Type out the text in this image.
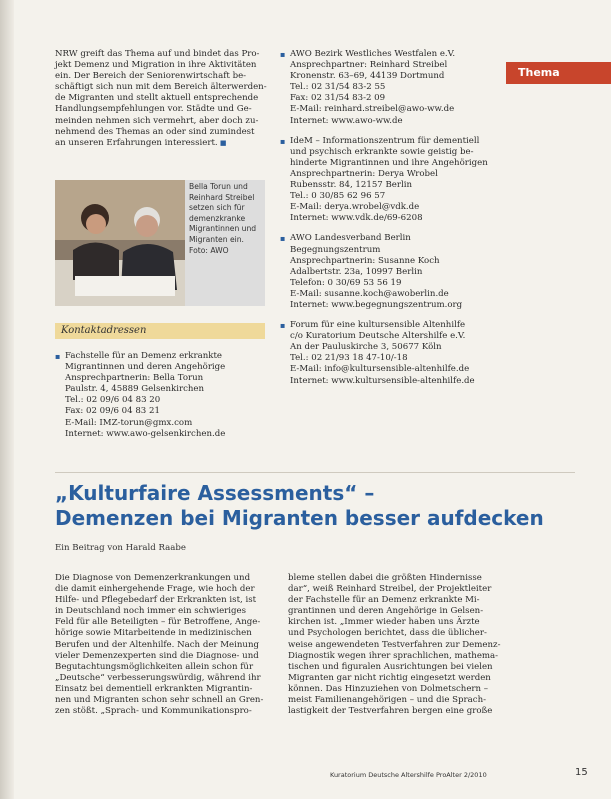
Thema

NRW greift das Thema auf und bindet das Pro-

jekt Demenz und Migration in ihre Aktivitäten

ein. Der Bereich der Seniorenwirtschaft be-

schäftigt sich nun mit dem Bereich älterwerden-

de Migranten und stellt aktuell entsprechende

Handlungsempfehlungen vor. Städte und Ge-

meinden nehmen sich vermehrt, aber doch zu-

nehmend des Themas an oder sind zumindest

an unseren Erfahrungen interessiert. ■

Bella Torun und Reinhard Streibel setzen sich für demenzkranke Migrantinnen und Migranten ein. Foto: AWO
Kontaktadressen

▪ Fachstelle für an Demenz erkrankte

Migrantinnen und deren Angehörige

Ansprechpartnerin: Bella Torun

Paulstr. 4, 45889 Gelsenkirchen

Tel.: 02 09/6 04 83 20

Fax: 02 09/6 04 83 21

E-Mail: IMZ-torun@gmx.com

Internet: www.awo-gelsenkirchen.de

▪ AWO Bezirk Westliches Westfalen e.V.

Ansprechpartner: Reinhard Streibel

Kronenstr. 63–69, 44139 Dortmund

Tel.: 02 31/54 83-2 55

Fax: 02 31/54 83-2 09

E-Mail: reinhard.streibel@awo-ww.de

Internet: www.awo-ww.de

▪ IdeM – Informationszentrum für dementiell

und psychisch erkrankte sowie geistig be-

hinderte Migrantinnen und ihre Angehörigen

Ansprechpartnerin: Derya Wrobel

Rubensstr. 84, 12157 Berlin

Tel.: 0 30/85 62 96 57

E-Mail: derya.wrobel@vdk.de

Internet: www.vdk.de/69-6208

▪ AWO Landesverband Berlin

Begegnungszentrum

Ansprechpartnerin: Susanne Koch

Adalbertstr. 23a, 10997 Berlin

Telefon: 0 30/69 53 56 19

E-Mail: susanne.koch@awoberlin.de

Internet: www.begegnungszentrum.org

▪ Forum für eine kultursensible Altenhilfe

c/o Kuratorium Deutsche Altershilfe e.V.

An der Pauluskirche 3, 50677 Köln

Tel.: 02 21/93 18 47-10/-18

E-Mail: info@kultursensible-altenhilfe.de

Internet: www.kultursensible-altenhilfe.de

„Kulturfaire Assessments“ –
Demenzen bei Migranten besser aufdecken
Ein Beitrag von Harald Raabe

Die Diagnose von Demenzerkrankungen und

die damit einhergehende Frage, wie hoch der

Hilfe- und Pflegebedarf der Erkrankten ist, ist

in Deutschland noch immer ein schwieriges

Feld für alle Beteiligten – für Betroffene, Ange-

hörige sowie Mitarbeitende in medizinischen

Berufen und der Altenhilfe. Nach der Meinung

vieler Demenzexperten sind die Diagnose- und

Begutachtungsmöglichkeiten allein schon für

„Deutsche“ verbesserungswürdig, während ihr

Einsatz bei dementiell erkrankten Migrantin-

nen und Migranten schon sehr schnell an Gren-

zen stößt. „Sprach- und Kommunikationspro-

bleme stellen dabei die größten Hindernisse

dar“, weiß Reinhard Streibel, der Projektleiter

der Fachstelle für an Demenz erkrankte Mi-

grantinnen und deren Angehörige in Gelsen-

kirchen ist. „Immer wieder haben uns Ärzte

und Psychologen berichtet, dass die üblicher-

weise angewendeten Testverfahren zur Demenz-

Diagnostik wegen ihrer sprachlichen, mathema-

tischen und figuralen Ausrichtungen bei vielen

Migranten gar nicht richtig eingesetzt werden

können. Das Hinzuziehen von Dolmetschern –

meist Familienangehörigen – und die Sprach-

lastigkeit der Testverfahren bergen eine große

Kuratorium Deutsche Altershilfe ProAlter 2/2010	15
